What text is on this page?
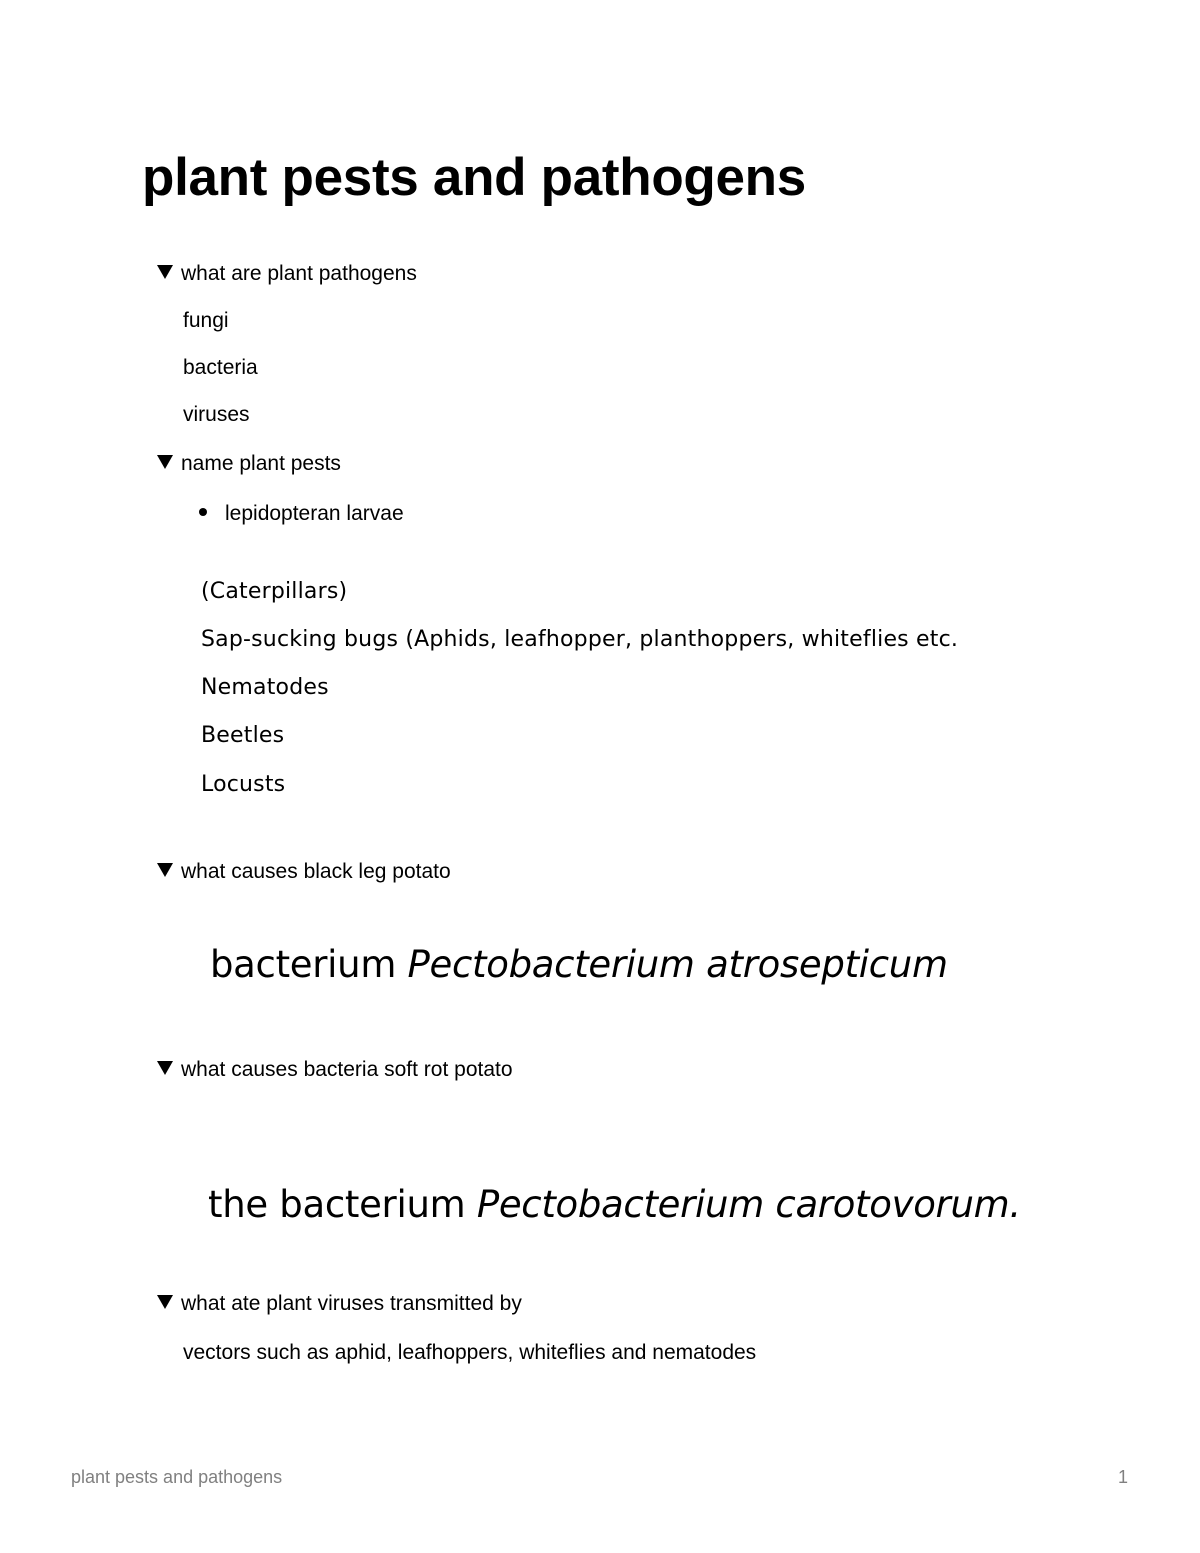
plant pests and pathogens
what are plant pathogens
fungi
bacteria
viruses
name plant pests
lepidopteran larvae
(Caterpillars)
Sap-sucking bugs (Aphids, leafhopper, planthoppers, whiteflies etc.
Nematodes
Beetles
Locusts
what causes black leg potato
bacterium Pectobacterium atrosepticum
what causes bacteria soft rot potato
the bacterium Pectobacterium carotovorum.
what ate plant viruses transmitted by
vectors such as aphid, leafhoppers, whiteflies and nematodes
plant pests and pathogens	1
